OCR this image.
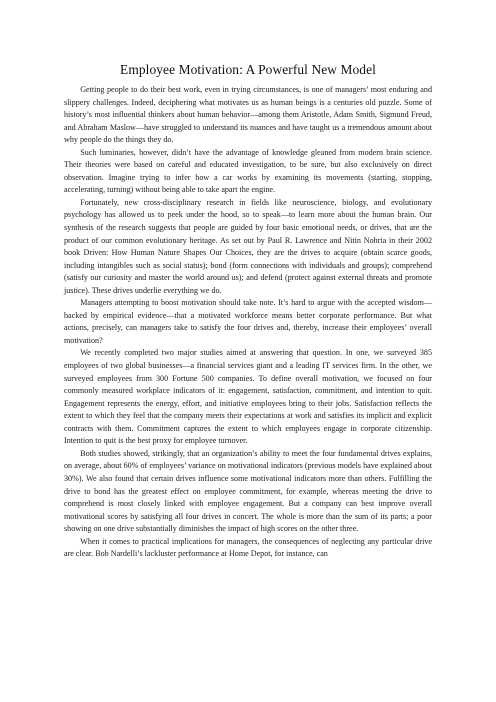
Employee Motivation: A Powerful New Model

Getting people to do their best work, even in trying circumstances, is one of managers’ most enduring and slippery challenges. Indeed, deciphering what motivates us as human beings is a centuries old puzzle. Some of history’s most influential thinkers about human behavior—among them Aristotle, Adam Smith, Sigmund Freud, and Abraham Maslow—have struggled to understand its nuances and have taught us a tremendous amount about why people do the things they do.

Such luminaries, however, didn’t have the advantage of knowledge gleaned from modern brain science. Their theories were based on careful and educated investigation, to be sure, but also exclusively on direct observation. Imagine trying to infer how a car works by examining its movements (starting, stopping, accelerating, turning) without being able to take apart the engine.

Fortunately, new cross-disciplinary research in fields like neuroscience, biology, and evolutionary psychology has allowed us to peek under the hood, so to speak—to learn more about the human brain. Our synthesis of the research suggests that people are guided by four basic emotional needs, or drives, that are the product of our common evolutionary heritage. As set out by Paul R. Lawrence and Nitin Nohria in their 2002 book Driven: How Human Nature Shapes Our Choices, they are the drives to acquire (obtain scarce goods, including intangibles such as social status); bond (form connections with individuals and groups); comprehend (satisfy our curiosity and master the world around us); and defend (protect against external threats and promote justice). These drives underlie everything we do.

Managers attempting to boost motivation should take note. It’s hard to argue with the accepted wisdom—backed by empirical evidence—that a motivated workforce means better corporate performance. But what actions, precisely, can managers take to satisfy the four drives and, thereby, increase their employees’ overall motivation?

We recently completed two major studies aimed at answering that question. In one, we surveyed 385 employees of two global businesses—a financial services giant and a leading IT services firm. In the other, we surveyed employees from 300 Fortune 500 companies. To define overall motivation, we focused on four commonly measured workplace indicators of it: engagement, satisfaction, commitment, and intention to quit. Engagement represents the energy, effort, and initiative employees bring to their jobs. Satisfaction reflects the extent to which they feel that the company meets their expectations at work and satisfies its implicit and explicit contracts with them. Commitment captures the extent to which employees engage in corporate citizenship. Intention to quit is the best proxy for employee turnover.

Both studies showed, strikingly, that an organization’s ability to meet the four fundamental drives explains, on average, about 60% of employees’ variance on motivational indicators (previous models have explained about 30%). We also found that certain drives influence some motivational indicators more than others. Fulfilling the drive to bond has the greatest effect on employee commitment, for example, whereas meeting the drive to comprehend is most closely linked with employee engagement. But a company can best improve overall motivational scores by satisfying all four drives in concert. The whole is more than the sum of its parts; a poor showing on one drive substantially diminishes the impact of high scores on the other three.

When it comes to practical implications for managers, the consequences of neglecting any particular drive are clear. Bob Nardelli’s lackluster performance at Home Depot, for instance, can
